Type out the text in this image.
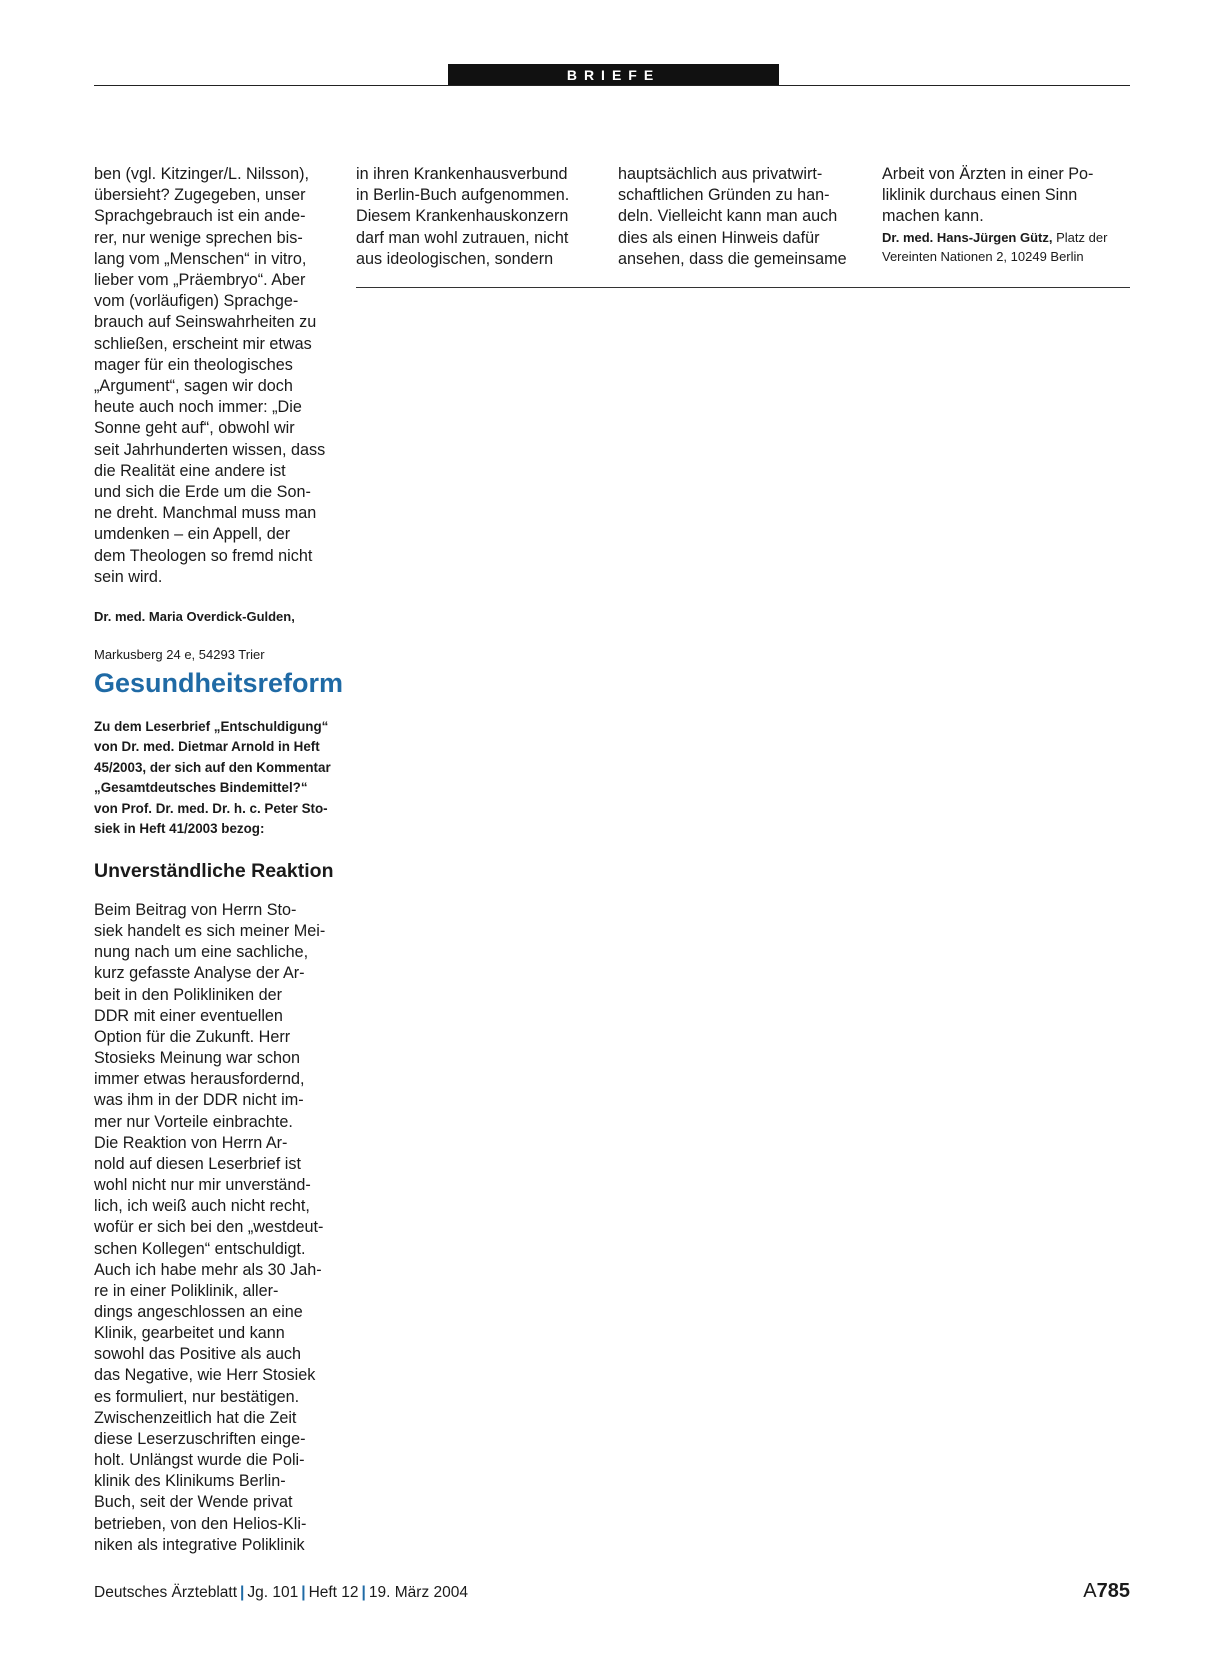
BRIEFE

ben (vgl. Kitzinger/L. Nilsson),
übersieht? Zugegeben, unser
Sprachgebrauch ist ein ande-
rer, nur wenige sprechen bis-
lang vom „Menschen“ in vitro,
lieber vom „Präembryo“. Aber
vom (vorläufigen) Sprachge-
brauch auf Seinswahrheiten zu
schließen, erscheint mir etwas
mager für ein theologisches
„Argument“, sagen wir doch
heute auch noch immer: „Die
Sonne geht auf“, obwohl wir
seit Jahrhunderten wissen, dass
die Realität eine andere ist
und sich die Erde um die Son-
ne dreht. Manchmal muss man
umdenken – ein Appell, der
dem Theologen so fremd nicht
sein wird.

Dr. med. Maria Overdick-Gulden,

Markusberg 24 e, 54293 Trier

in ihren Krankenhausverbund
in Berlin-Buch aufgenommen.
Diesem Krankenhauskonzern
darf man wohl zutrauen, nicht
aus ideologischen, sondern

hauptsächlich aus privatwirt-
schaftlichen Gründen zu han-
deln. Vielleicht kann man auch
dies als einen Hinweis dafür
ansehen, dass die gemeinsame

Arbeit von Ärzten in einer Po-
liklinik durchaus einen Sinn
machen kann.

Dr. med. Hans-Jürgen Gütz, Platz der
Vereinten Nationen 2, 10249 Berlin

Gesundheitsreform

Zu dem Leserbrief „Entschuldigung“
von Dr. med. Dietmar Arnold in Heft
45/2003, der sich auf den Kommentar
„Gesamtdeutsches Bindemittel?“
von Prof. Dr. med. Dr. h. c. Peter Sto-
siek in Heft 41/2003 bezog:

Unverständliche Reaktion

Beim Beitrag von Herrn Sto-
siek handelt es sich meiner Mei-
nung nach um eine sachliche,
kurz gefasste Analyse der Ar-
beit in den Polikliniken der
DDR mit einer eventuellen
Option für die Zukunft. Herr
Stosieks Meinung war schon
immer etwas herausfordernd,
was ihm in der DDR nicht im-
mer nur Vorteile einbrachte.
Die Reaktion von Herrn Ar-
nold auf diesen Leserbrief ist
wohl nicht nur mir unverständ-
lich, ich weiß auch nicht recht,
wofür er sich bei den „westdeut-
schen Kollegen“ entschuldigt.
Auch ich habe mehr als 30 Jah-
re in einer Poliklinik, aller-
dings angeschlossen an eine
Klinik, gearbeitet und kann
sowohl das Positive als auch
das Negative, wie Herr Stosiek
es formuliert, nur bestätigen.
Zwischenzeitlich hat die Zeit
diese Leserzuschriften einge-
holt. Unlängst wurde die Poli-
klinik des Klinikums Berlin-
Buch, seit der Wende privat
betrieben, von den Helios-Kli-
niken als integrative Poliklinik

Deutsches Ärzteblatt | Jg. 101 | Heft 12 | 19. März 2004	A785
